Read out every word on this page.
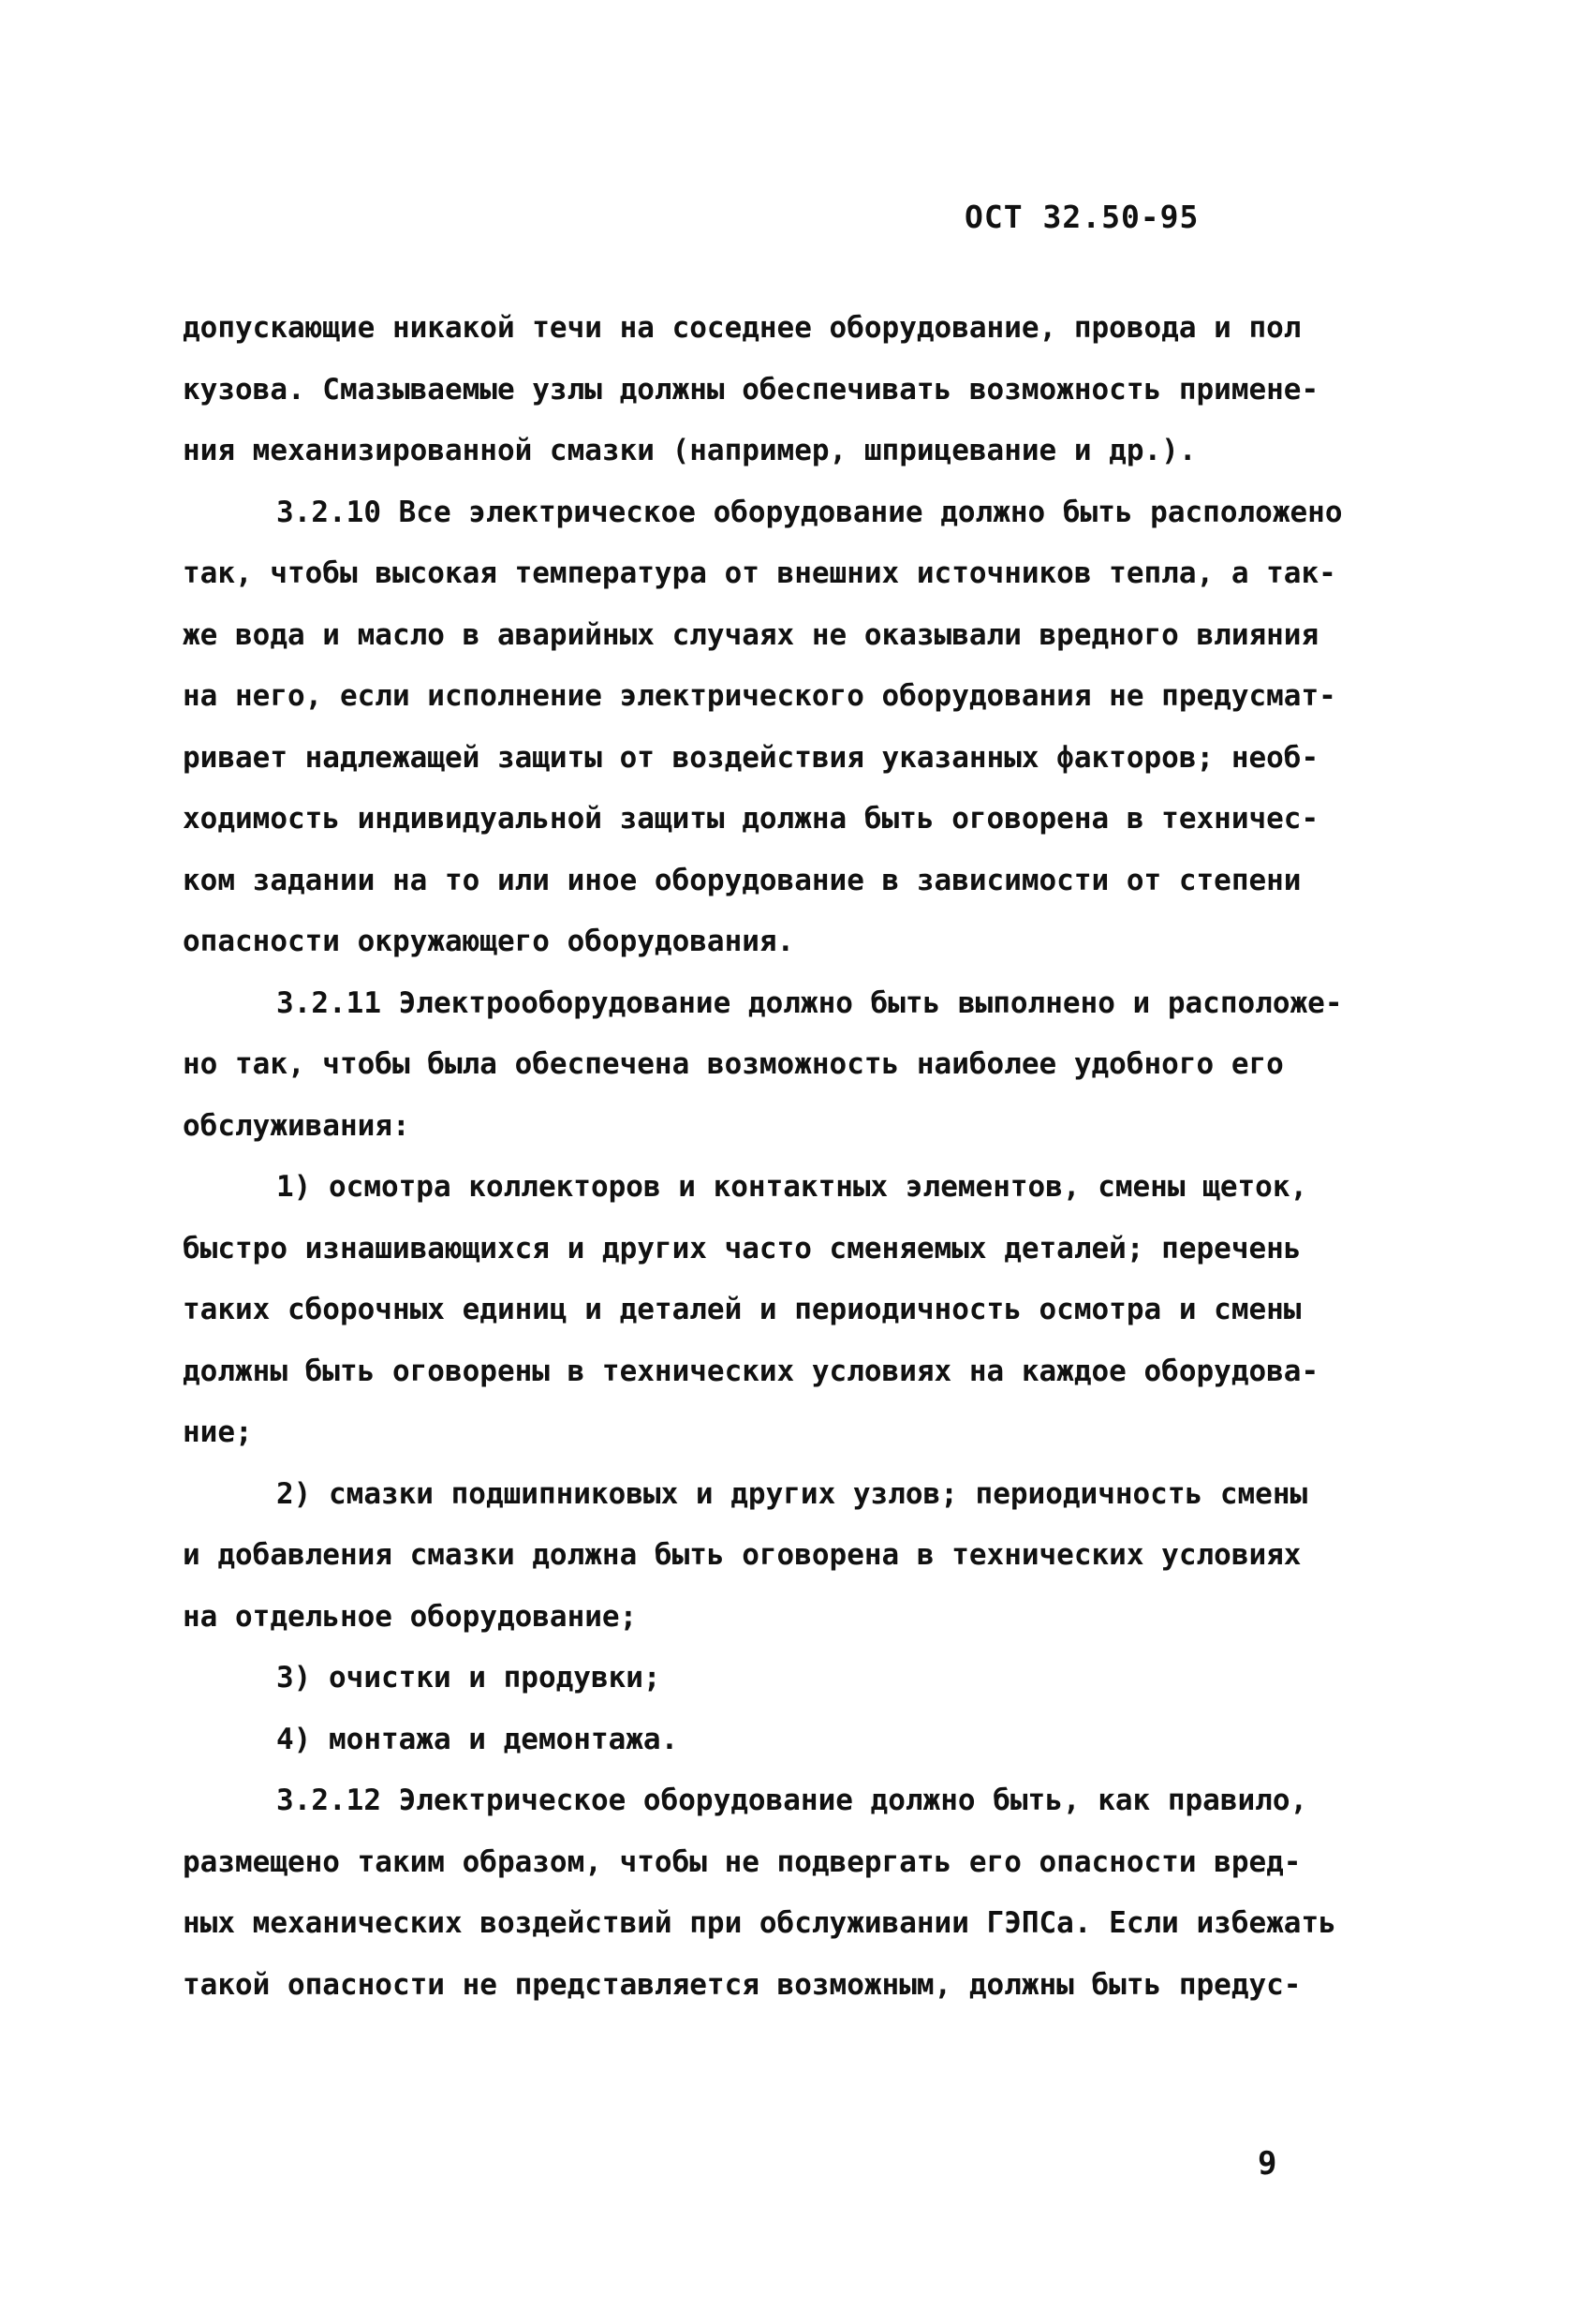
ОСТ 32.50-95
допускающие никакой течи на соседнее оборудование, провода и пол
кузова. Смазываемые узлы должны обеспечивать возможность примене-
ния механизированной смазки (например, шприцевание и др.).
3.2.10 Все электрическое оборудование должно быть расположено
так, чтобы высокая температура от внешних источников тепла, а так-
же вода и масло в аварийных случаях не оказывали вредного влияния
на него, если исполнение электрического оборудования не предусмат-
ривает надлежащей защиты от воздействия указанных факторов; необ-
ходимость индивидуальной защиты должна быть оговорена в техничес-
ком задании на то или иное оборудование в зависимости от степени
опасности окружающего оборудования.
3.2.11 Электрооборудование должно быть выполнено и расположе-
но так, чтобы была обеспечена возможность наиболее удобного его
обслуживания:
1) осмотра коллекторов и контактных элементов, смены щеток,
быстро изнашивающихся и других часто сменяемых деталей; перечень
таких сборочных единиц и деталей и периодичность осмотра и смены
должны быть оговорены в технических условиях на каждое оборудова-
ние;
2) смазки подшипниковых и других узлов; периодичность смены
и добавления смазки должна быть оговорена в технических условиях
на отдельное оборудование;
3) очистки и продувки;
4) монтажа и демонтажа.
3.2.12 Электрическое оборудование должно быть, как правило,
размещено таким образом, чтобы не подвергать его опасности вред-
ных механических воздействий при обслуживании ГЭПСа. Если избежать
такой опасности не представляется возможным, должны быть предус-
9
